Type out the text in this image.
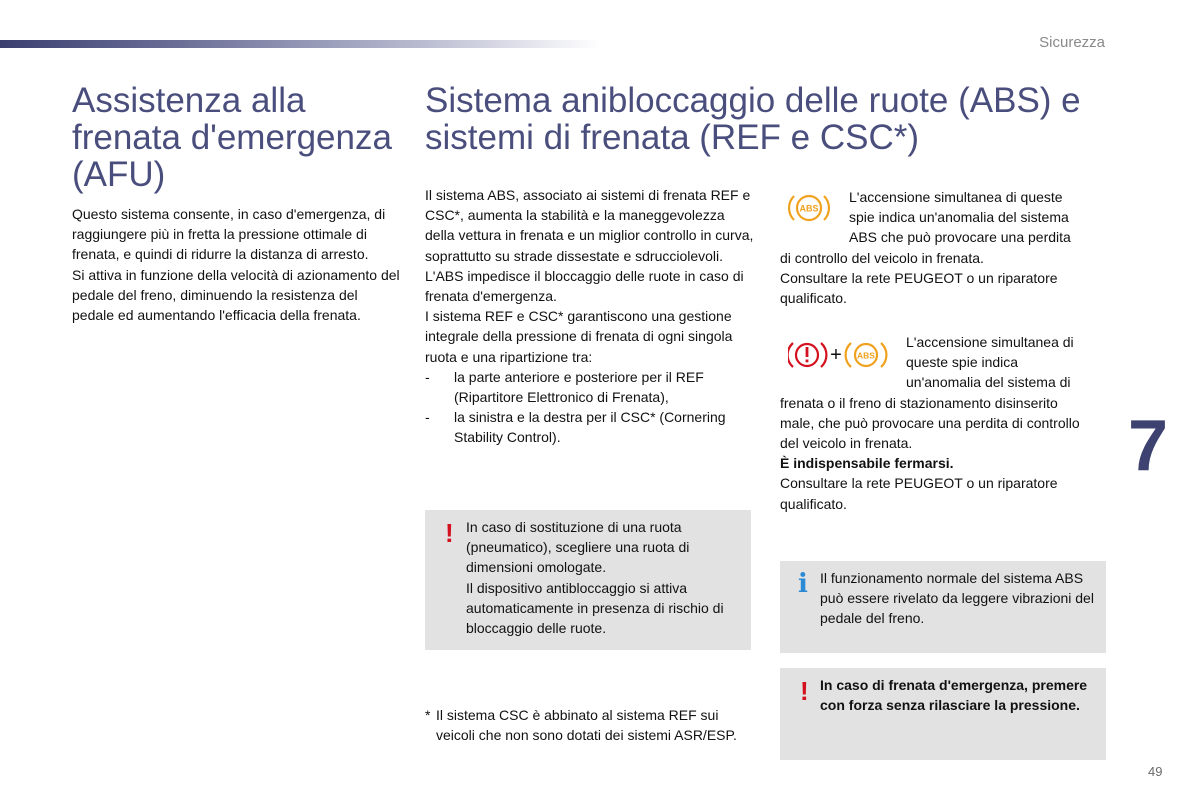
Sicurezza
7
49
Assistenza alla frenata d'emergenza (AFU)

Questo sistema consente, in caso d'emergenza, di raggiungere più in fretta la pressione ottimale di frenata, e quindi di ridurre la distanza di arresto.

Si attiva in funzione della velocità di azionamento del pedale del freno, diminuendo la resistenza del pedale ed aumentando l'efficacia della frenata.

Sistema anibloccaggio delle ruote (ABS) e sistemi di frenata (REF e CSC*)

Il sistema ABS, associato ai sistemi di frenata REF e CSC*, aumenta la stabilità e la maneggevolezza della vettura in frenata e un miglior controllo in curva, soprattutto su strade dissestate e sdrucciolevoli.

L'ABS impedisce il bloccaggio delle ruote in caso di frenata d'emergenza.

I sistema REF e CSC* garantiscono una gestione integrale della pressione di frenata di ogni singola ruota e una ripartizione tra:

-	la parte anteriore e posteriore per il REF (Ripartitore Elettronico di Frenata),
-	la sinistra e la destra per il CSC* (Cornering Stability Control).
! In caso di sostituzione di una ruota (pneumatico), scegliere una ruota di dimensioni omologate.

Il dispositivo antibloccaggio si attiva automaticamente in presenza di rischio di bloccaggio delle ruote.

* Il sistema CSC è abbinato al sistema REF sui veicoli che non sono dotati dei sistemi ASR/ESP.
ABS

L'accensione simultanea di queste spie indica un'anomalia del sistema ABS che può provocare una perdita

di controllo del veicolo in frenata.

Consultare la rete PEUGEOT o un riparatore qualificato.

+ ABS

L'accensione simultanea di queste spie indica un'anomalia del sistema di

frenata o il freno di stazionamento disinserito male, che può provocare una perdita di controllo del veicolo in frenata.

È indispensabile fermarsi.

Consultare la rete PEUGEOT o un riparatore qualificato.

i Il funzionamento normale del sistema ABS può essere rivelato da leggere vibrazioni del pedale del freno.

! In caso di frenata d'emergenza, premere con forza senza rilasciare la pressione.
